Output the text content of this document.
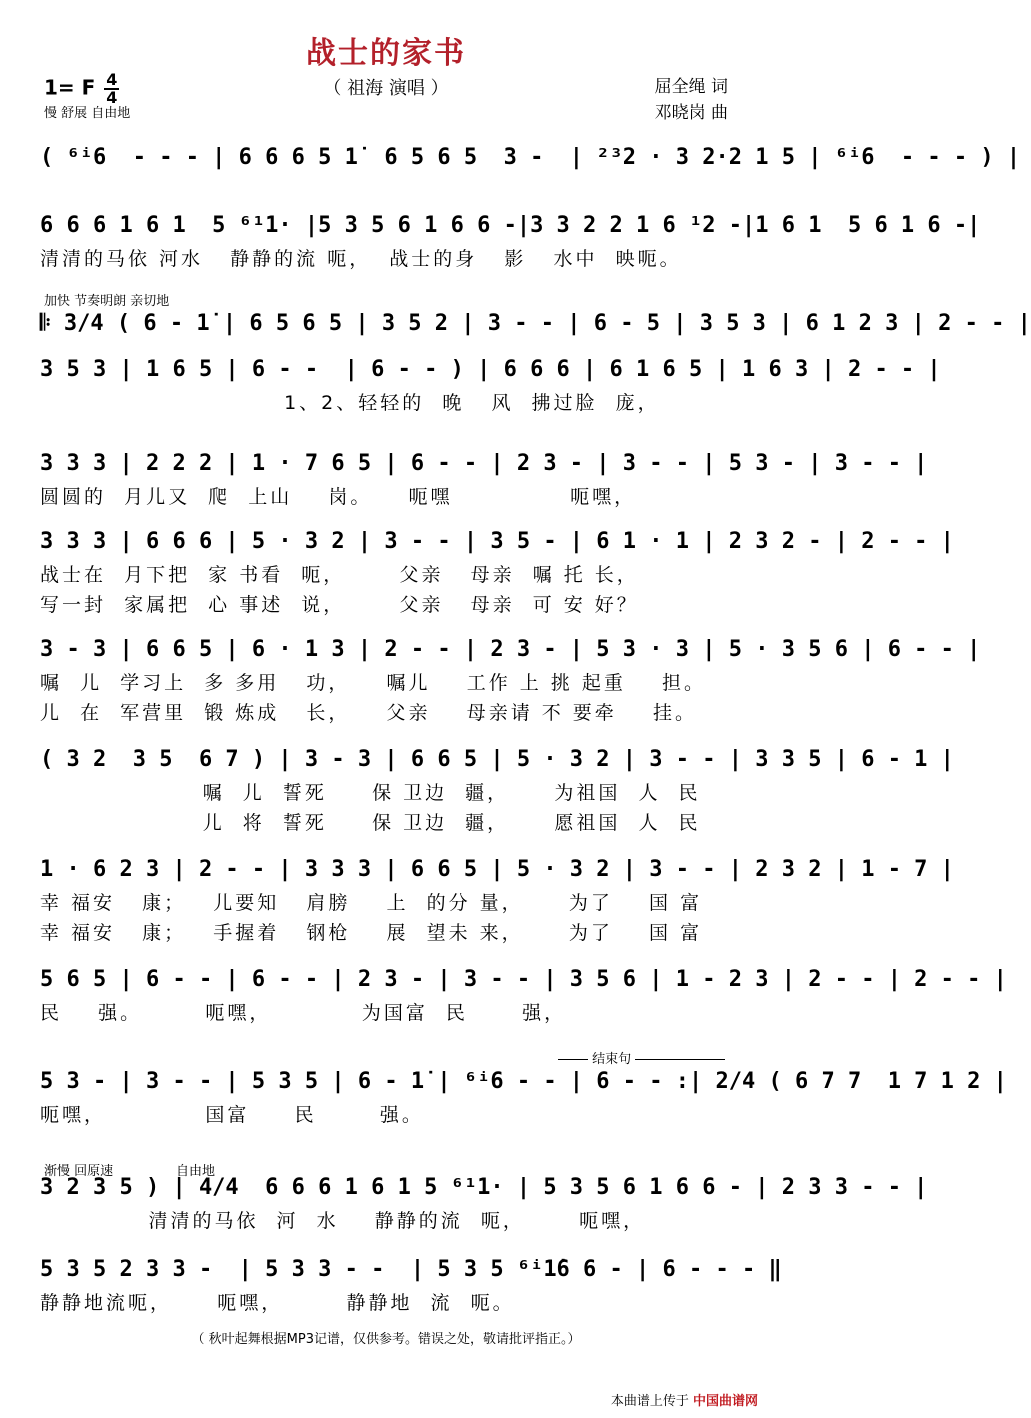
战士的家书
1= F $\frac{4}{4}$	（ 祖海 演唱 ）	屈全绳 词
邓晓岗 曲
慢 舒展 自由地
加快 节奏明朗 亲切地
渐慢 回原速	自由地
结束句
( ⁶ⁱ6  - - - | 6 6 6 5 1̇  6 5 6 5  3 -  | ²³2 · 3 2·2 1 5 | ⁶ⁱ6  - - - ) |
6 6 6 1 6 1  5 ⁶¹1· |5 3 5 6 1 6 6 -|3 3 2 2 1 6 ¹2 -|1 6 1  5 6 1 6 -|
清清的马依 河水   静静的流 呃，  战士的身   影   水中  映呃。
𝄆 3/4 ( 6 - 1̇ | 6 5 6 5 | 3 5 2 | 3 - - | 6 - 5 | 3 5 3 | 6 1 2 3 | 2 - - |
3 5 3 | 1 6 5 | 6 - -  | 6 - - ) | 6 6 6 | 6 1 6 5 | 1 6 3 | 2 - - |
1、2、轻轻的  晚   风  拂过脸  庞，
3 3 3 | 2 2 2 | 1 · 7 6 5 | 6 - - | 2 3 - | 3 - - | 5 3 - | 3 - - |
圆圆的  月儿又  爬  上山    岗。    呃嘿             呃嘿，
3 3 3 | 6 6 6 | 5 · 3 2 | 3 - - | 3 5 - | 6 1 · 1 | 2 3 2 - | 2 - - |
战士在  月下把  家 书看  呃，      父亲   母亲  嘱 托 长，
写一封  家属把  心 事述  说，      父亲   母亲  可 安 好？
3 - 3 | 6 6 5 | 6 · 1 3 | 2 - - | 2 3 - | 5 3 · 3 | 5 · 3 5 6 | 6 - - |
嘱  儿  学习上  多 多用   功，    嘱儿    工作 上 挑 起重    担。
儿  在  军营里  锻 炼成   长，    父亲    母亲请 不 要牵    挂。
( 3 2  3 5  6 7 ) | 3 - 3 | 6 6 5 | 5 · 3 2 | 3 - - | 3 3 5 | 6 - 1 |
嘱  儿  誓死     保 卫边  疆，     为祖国  人  民
儿  将  誓死     保 卫边  疆，     愿祖国  人  民
1 · 6 2 3 | 2 - - | 3 3 3 | 6 6 5 | 5 · 3 2 | 3 - - | 2 3 2 | 1 - 7 |
幸 福安   康；   儿要知   肩膀    上  的分 量，     为了    国 富
幸 福安   康；   手握着   钢枪    展  望未 来，     为了    国 富
5 6 5 | 6 - - | 6 - - | 2 3 - | 3 - - | 3 5 6 | 1 - 2 3 | 2 - - | 2 - - |
民    强。       呃嘿，          为国富  民      强，
5 3 - | 3 - - | 5 3 5 | 6 - 1̇ | ⁶ⁱ6 - - | 6 - - :| 2/4 ( 6 7 7  1 7 1 2 |
呃嘿，           国富     民       强。
3 2 3 5 ) | 4/4  6 6 6 1 6 1 5 ⁶¹1· | 5 3 5 6 1 6 6 - | 2 3 3 - - |
清清的马依  河  水    静静的流  呃，      呃嘿，
5 3 5 2 3 3 -  | 5 3 3 - -  | 5 3 5 ⁶ⁱ1̇6 6 - | 6 - - - ‖
静静地流呃，     呃嘿，       静静地  流  呃。
（ 秋叶起舞根据MP3记谱，仅供参考。错误之处，敬请批评指正。）
本曲谱上传于 中国曲谱网
